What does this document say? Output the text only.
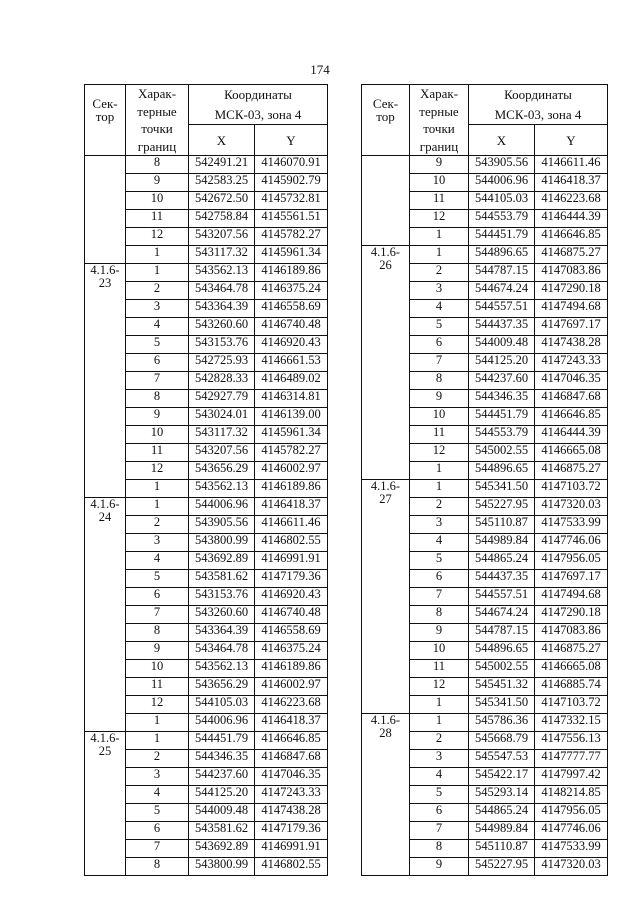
174
Сек-
тор	Харак-
терные
точки
границ	Координаты
МСК-03, зона 4	
		X	Y
	8	542491.21	4146070.91
	9	542583.25	4145902.79
	10	542672.50	4145732.81
	11	542758.84	4145561.51
	12	543207.56	4145782.27
	1	543117.32	4145961.34
4.1.6-
23	1	543562.13	4146189.86
	2	543464.78	4146375.24
	3	543364.39	4146558.69
	4	543260.60	4146740.48
	5	543153.76	4146920.43
	6	542725.93	4146661.53
	7	542828.33	4146489.02
	8	542927.79	4146314.81
	9	543024.01	4146139.00
	10	543117.32	4145961.34
	11	543207.56	4145782.27
	12	543656.29	4146002.97
	1	543562.13	4146189.86
4.1.6-
24	1	544006.96	4146418.37
	2	543905.56	4146611.46
	3	543800.99	4146802.55
	4	543692.89	4146991.91
	5	543581.62	4147179.36
	6	543153.76	4146920.43
	7	543260.60	4146740.48
	8	543364.39	4146558.69
	9	543464.78	4146375.24
	10	543562.13	4146189.86
	11	543656.29	4146002.97
	12	544105.03	4146223.68
	1	544006.96	4146418.37
4.1.6-
25	1	544451.79	4146646.85
	2	544346.35	4146847.68
	3	544237.60	4147046.35
	4	544125.20	4147243.33
	5	544009.48	4147438.28
	6	543581.62	4147179.36
	7	543692.89	4146991.91
	8	543800.99	4146802.55
Сек-
тор	Харак-
терные
точки
границ	Координаты
МСК-03, зона 4	
		X	Y
	9	543905.56	4146611.46
	10	544006.96	4146418.37
	11	544105.03	4146223.68
	12	544553.79	4146444.39
	1	544451.79	4146646.85
4.1.6-
26	1	544896.65	4146875.27
	2	544787.15	4147083.86
	3	544674.24	4147290.18
	4	544557.51	4147494.68
	5	544437.35	4147697.17
	6	544009.48	4147438.28
	7	544125.20	4147243.33
	8	544237.60	4147046.35
	9	544346.35	4146847.68
	10	544451.79	4146646.85
	11	544553.79	4146444.39
	12	545002.55	4146665.08
	1	544896.65	4146875.27
4.1.6-
27	1	545341.50	4147103.72
	2	545227.95	4147320.03
	3	545110.87	4147533.99
	4	544989.84	4147746.06
	5	544865.24	4147956.05
	6	544437.35	4147697.17
	7	544557.51	4147494.68
	8	544674.24	4147290.18
	9	544787.15	4147083.86
	10	544896.65	4146875.27
	11	545002.55	4146665.08
	12	545451.32	4146885.74
	1	545341.50	4147103.72
4.1.6-
28	1	545786.36	4147332.15
	2	545668.79	4147556.13
	3	545547.53	4147777.77
	4	545422.17	4147997.42
	5	545293.14	4148214.85
	6	544865.24	4147956.05
	7	544989.84	4147746.06
	8	545110.87	4147533.99
	9	545227.95	4147320.03
